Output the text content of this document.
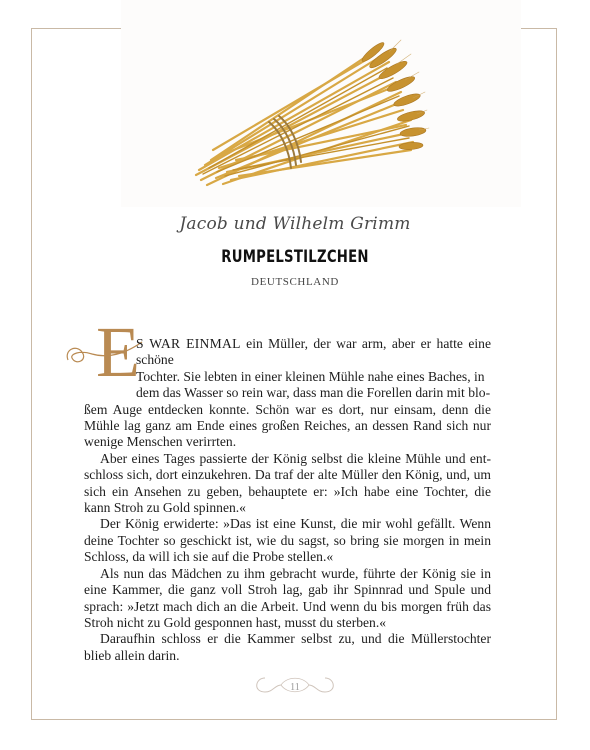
Jacob und Wilhelm Grimm
RUMPELSTILZCHEN
DEUTSCHLAND
E

S WAR EINMAL ein Müller, der war arm, aber er hatte eine schöne

Tochter. Sie lebten in einer kleinen Mühle nahe eines Baches, in

dem das Wasser so rein war, dass man die Forellen darin mit blo-

ßem Auge entdecken konnte. Schön war es dort, nur einsam, denn die Mühle lag ganz am Ende eines großen Reiches, an dessen Rand sich nur wenige Menschen verirrten.

Aber eines Tages passierte der König selbst die kleine Mühle und ent-schloss sich, dort einzukehren. Da traf der alte Müller den König, und, um sich ein Ansehen zu geben, behauptete er: »Ich habe eine Tochter, die kann Stroh zu Gold spinnen.«

Der König erwiderte: »Das ist eine Kunst, die mir wohl gefällt. Wenn deine Tochter so geschickt ist, wie du sagst, so bring sie morgen in mein Schloss, da will ich sie auf die Probe stellen.«

Als nun das Mädchen zu ihm gebracht wurde, führte der König sie in eine Kammer, die ganz voll Stroh lag, gab ihr Spinnrad und Spule und sprach: »Jetzt mach dich an die Arbeit. Und wenn du bis morgen früh das Stroh nicht zu Gold gesponnen hast, musst du sterben.«

Daraufhin schloss er die Kammer selbst zu, und die Müllerstochter blieb allein darin.

11
